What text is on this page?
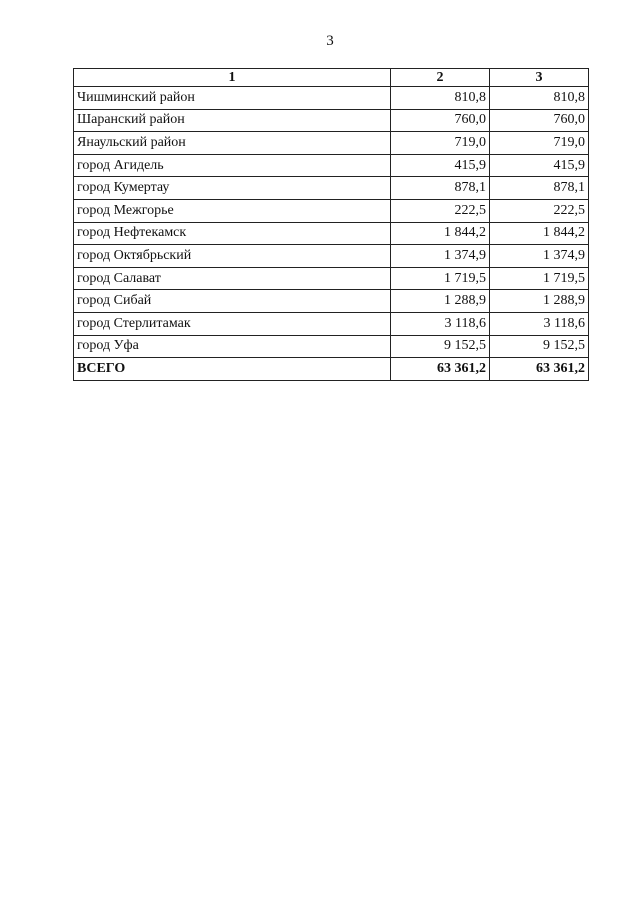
3
1	2	3
Чишминский район	810,8	810,8
Шаранский район	760,0	760,0
Янаульский район	719,0	719,0
город Агидель	415,9	415,9
город Кумертау	878,1	878,1
город Межгорье	222,5	222,5
город Нефтекамск	1 844,2	1 844,2
город Октябрьский	1 374,9	1 374,9
город Салават	1 719,5	1 719,5
город Сибай	1 288,9	1 288,9
город Стерлитамак	3 118,6	3 118,6
город Уфа	9 152,5	9 152,5
ВСЕГО	63 361,2	63 361,2
